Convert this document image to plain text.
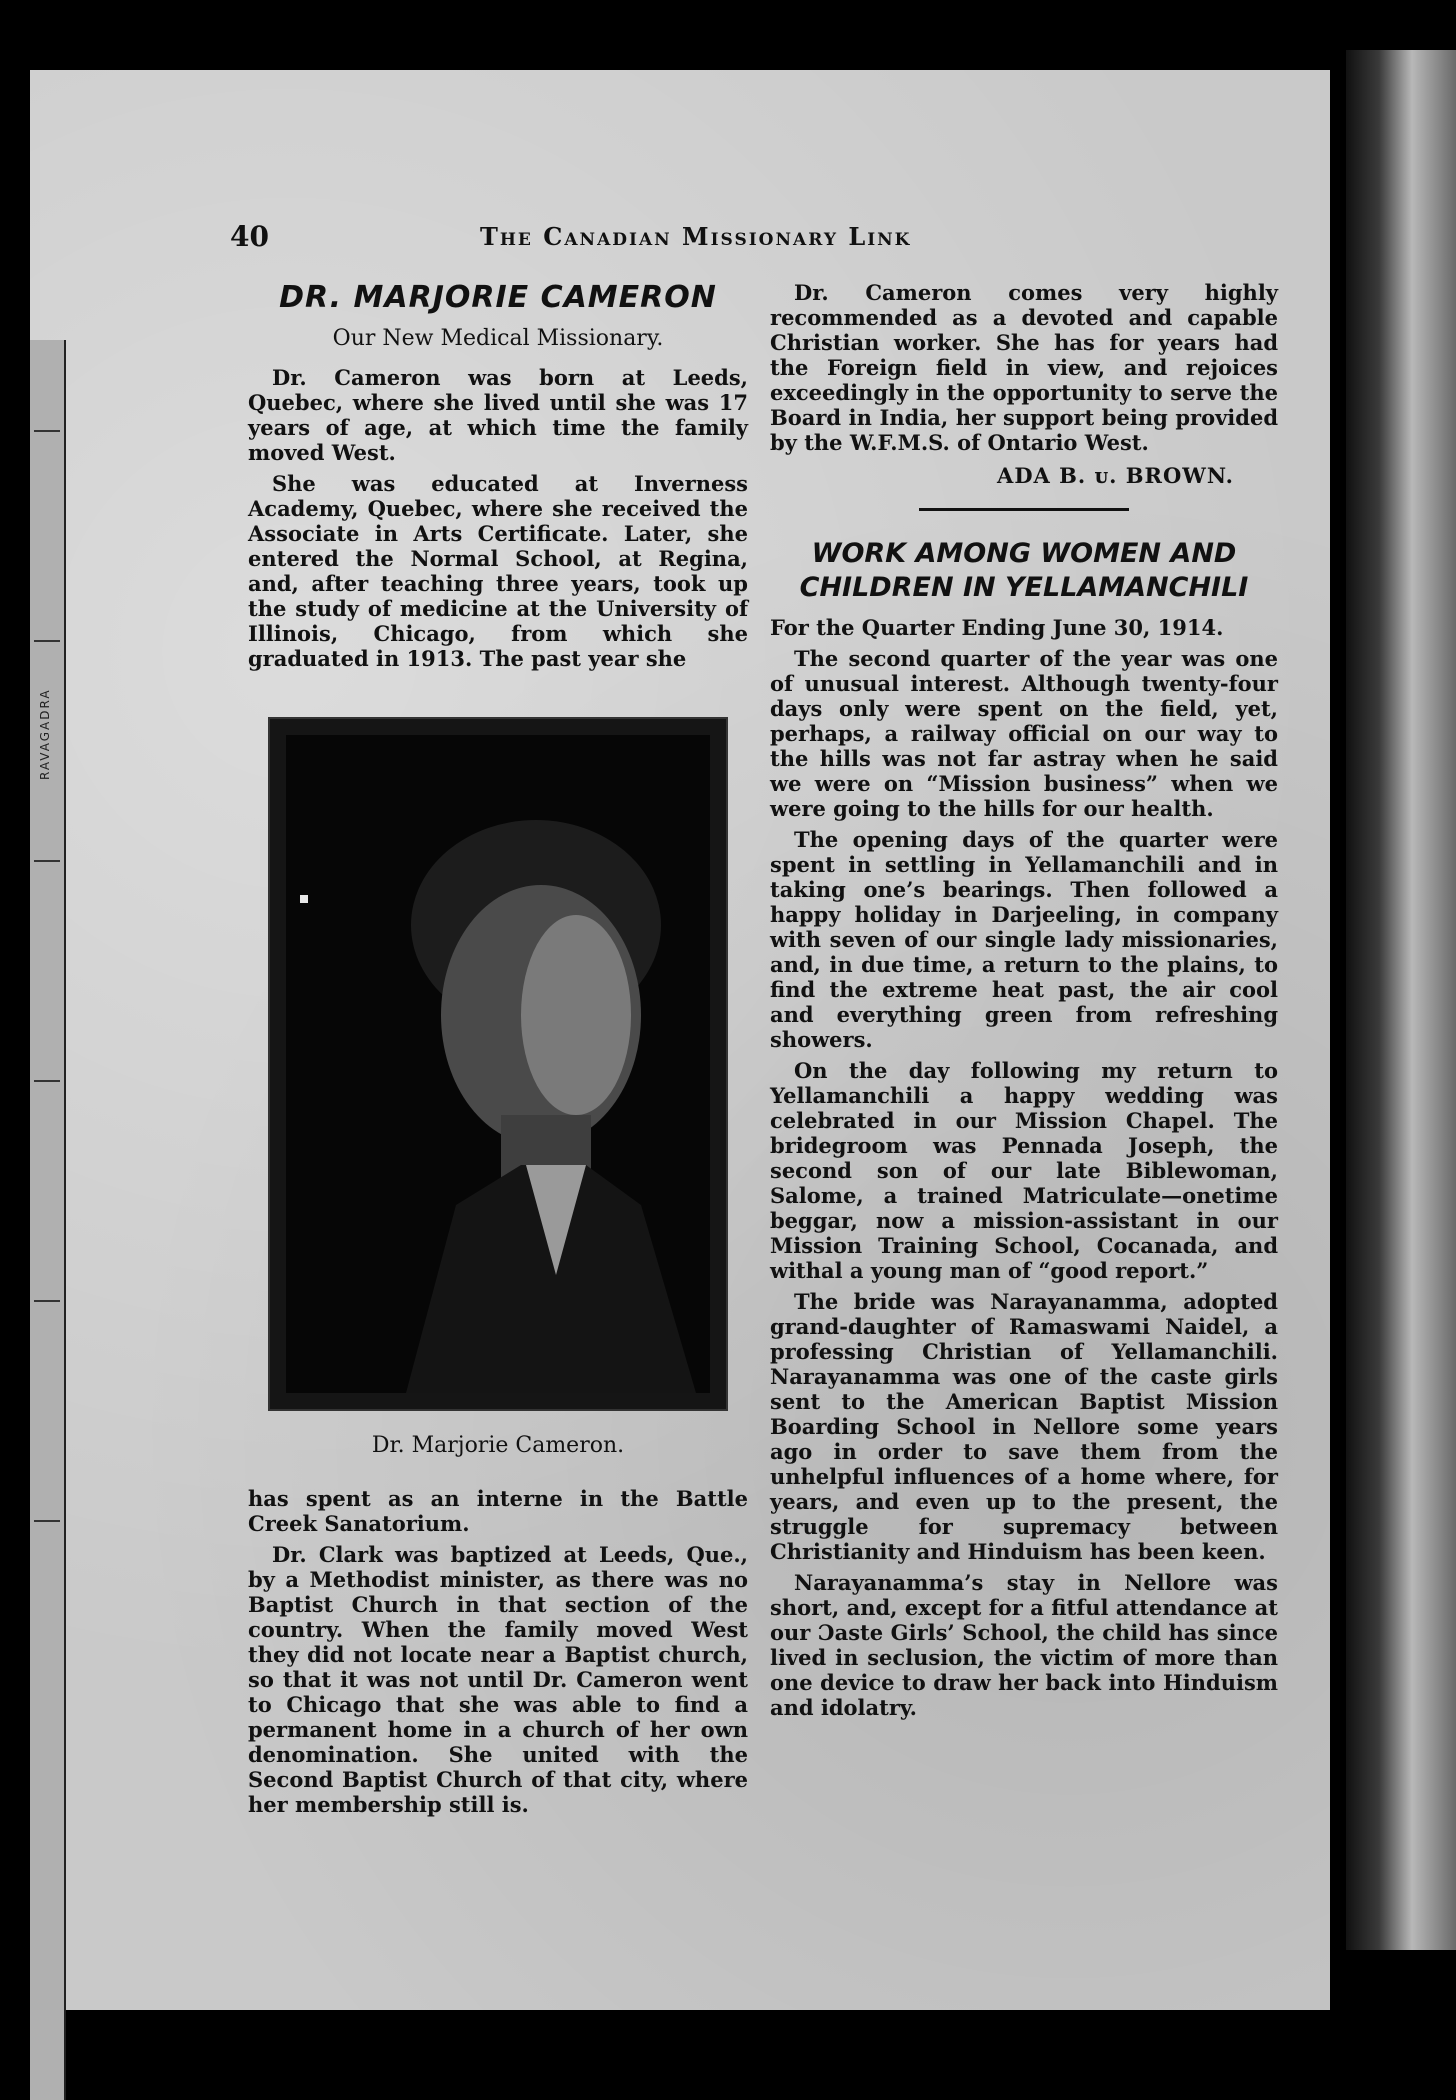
RAVAGADRA
40	The Canadian Missionary Link
DR. MARJORIE CAMERON
Our New Medical Missionary.

Dr. Cameron was born at Leeds, Quebec, where she lived until she was 17 years of age, at which time the family moved West.

She was educated at Inverness Academy, Quebec, where she received the Associate in Arts Certificate. Later, she entered the Normal School, at Regina, and, after teaching three years, took up the study of medicine at the University of Illinois, Chicago, from which she graduated in 1913. The past year she

Dr. Marjorie Cameron.

has spent as an interne in the Battle Creek Sanatorium.

Dr. Clark was baptized at Leeds, Que., by a Methodist minister, as there was no Baptist Church in that section of the country. When the family moved West they did not locate near a Baptist church, so that it was not until Dr. Cameron went to Chicago that she was able to find a permanent home in a church of her own denomination. She united with the Second Baptist Church of that city, where her membership still is.

Dr. Cameron comes very highly recommended as a devoted and capable Christian worker. She has for years had the Foreign field in view, and rejoices exceedingly in the opportunity to serve the Board in India, her support being provided by the W.F.M.S. of Ontario West.

ADA B. ᴜ. BROWN.
WORK AMONG WOMEN AND
CHILDREN IN YELLAMANCHILI
For the Quarter Ending June 30, 1914.

The second quarter of the year was one of unusual interest. Although twenty-four days only were spent on the field, yet, perhaps, a railway official on our way to the hills was not far astray when he said we were on “Mission business” when we were going to the hills for our health.

The opening days of the quarter were spent in settling in Yellamanchili and in taking one’s bearings. Then followed a happy holiday in Darjeeling, in company with seven of our single lady missionaries, and, in due time, a return to the plains, to find the extreme heat past, the air cool and everything green from refreshing showers.

On the day following my return to Yellamanchili a happy wedding was celebrated in our Mission Chapel. The bridegroom was Pennada Joseph, the second son of our late Biblewoman, Salome, a trained Matriculate—onetime beggar, now a mission-assistant in our Mission Training School, Cocanada, and withal a young man of “good report.”

The bride was Narayanamma, adopted grand-daughter of Ramaswami Naidel, a professing Christian of Yellamanchili. Narayanamma was one of the caste girls sent to the American Baptist Mission Boarding School in Nellore some years ago in order to save them from the unhelpful influences of a home where, for years, and even up to the present, the struggle for supremacy between Christianity and Hinduism has been keen.

Narayanamma’s stay in Nellore was short, and, except for a fitful attendance at our Ɔaste Girls’ School, the child has since lived in seclusion, the victim of more than one device to draw her back into Hinduism and idolatry.
